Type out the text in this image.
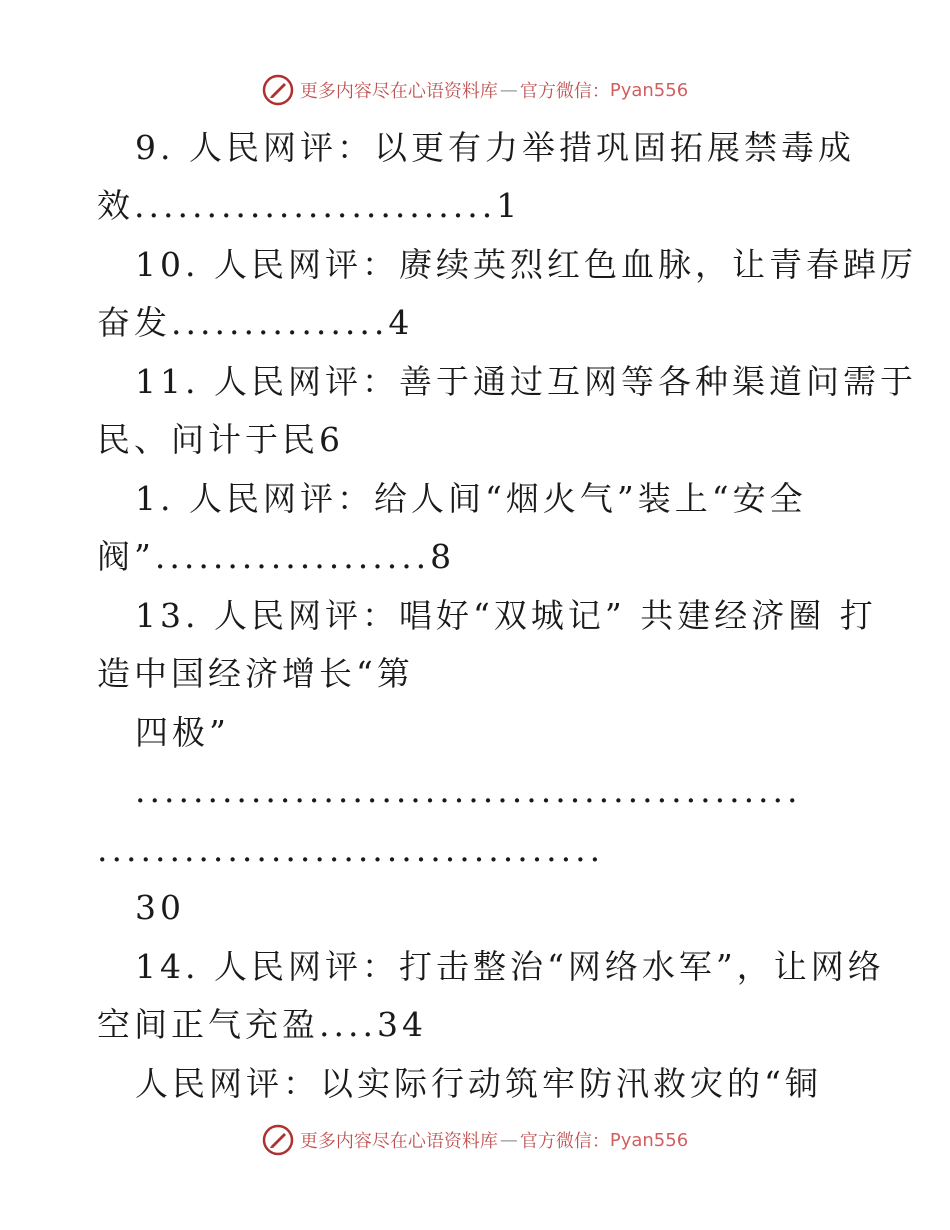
更多内容尽在心语资料库 — 官方微信： Pyan556
9. 人民网评：以更有力举措巩固拓展禁毒成
效.........................1
10. 人民网评：赓续英烈红色血脉，让青春踔厉
奋发...............4
11. 人民网评：善于通过互网等各种渠道问需于
民、问计于民6
1. 人民网评：给人间“烟火气”装上“安全
阀”...................8
13. 人民网评：唱好“双城记” 共建经济圈 打
造中国经济增长“第
四极”
..............................................
...................................
30
14. 人民网评：打击整治“网络水军”，让网络
空间正气充盈....34
人民网评：以实际行动筑牢防汛救灾的“铜
更多内容尽在心语资料库 — 官方微信： Pyan556
